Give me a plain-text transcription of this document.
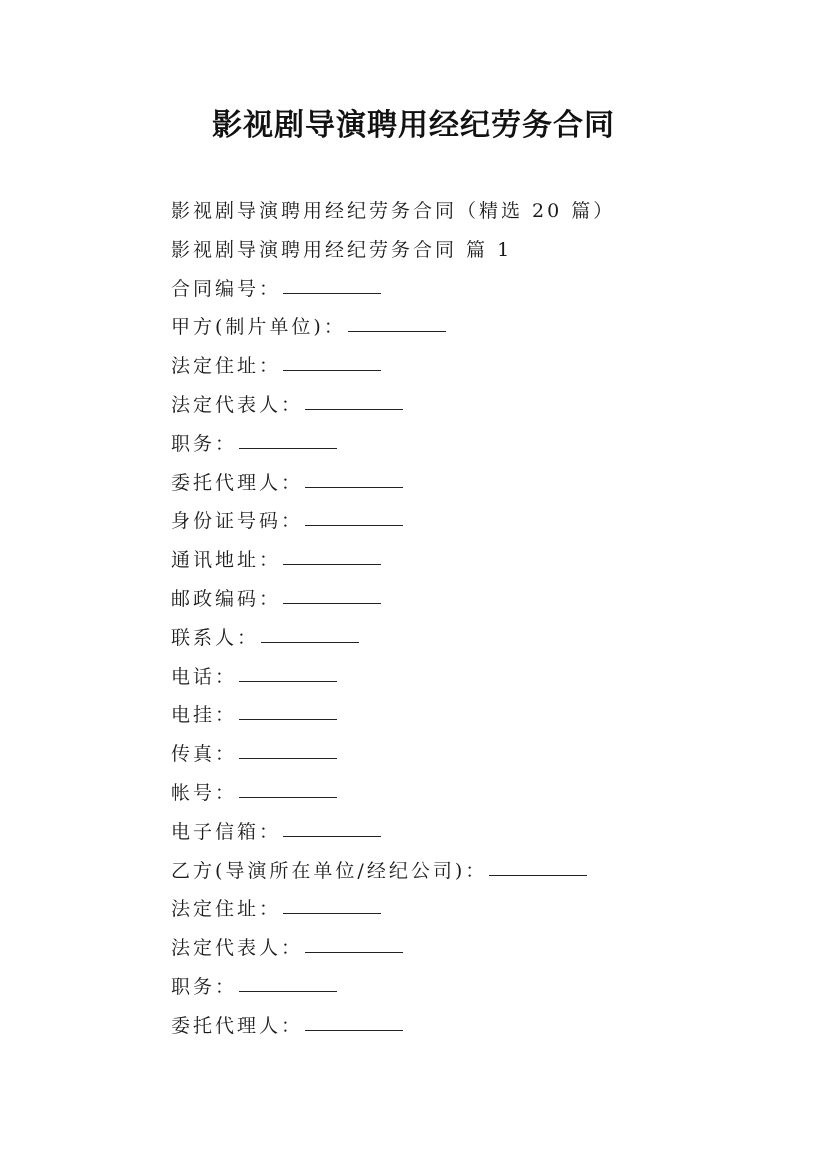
影视剧导演聘用经纪劳务合同
影视剧导演聘用经纪劳务合同（精选 20 篇）
影视剧导演聘用经纪劳务合同 篇 1
合同编号：
甲方(制片单位)：
法定住址：
法定代表人：
职务：
委托代理人：
身份证号码：
通讯地址：
邮政编码：
联系人：
电话：
电挂：
传真：
帐号：
电子信箱：
乙方(导演所在单位/经纪公司)：
法定住址：
法定代表人：
职务：
委托代理人：
